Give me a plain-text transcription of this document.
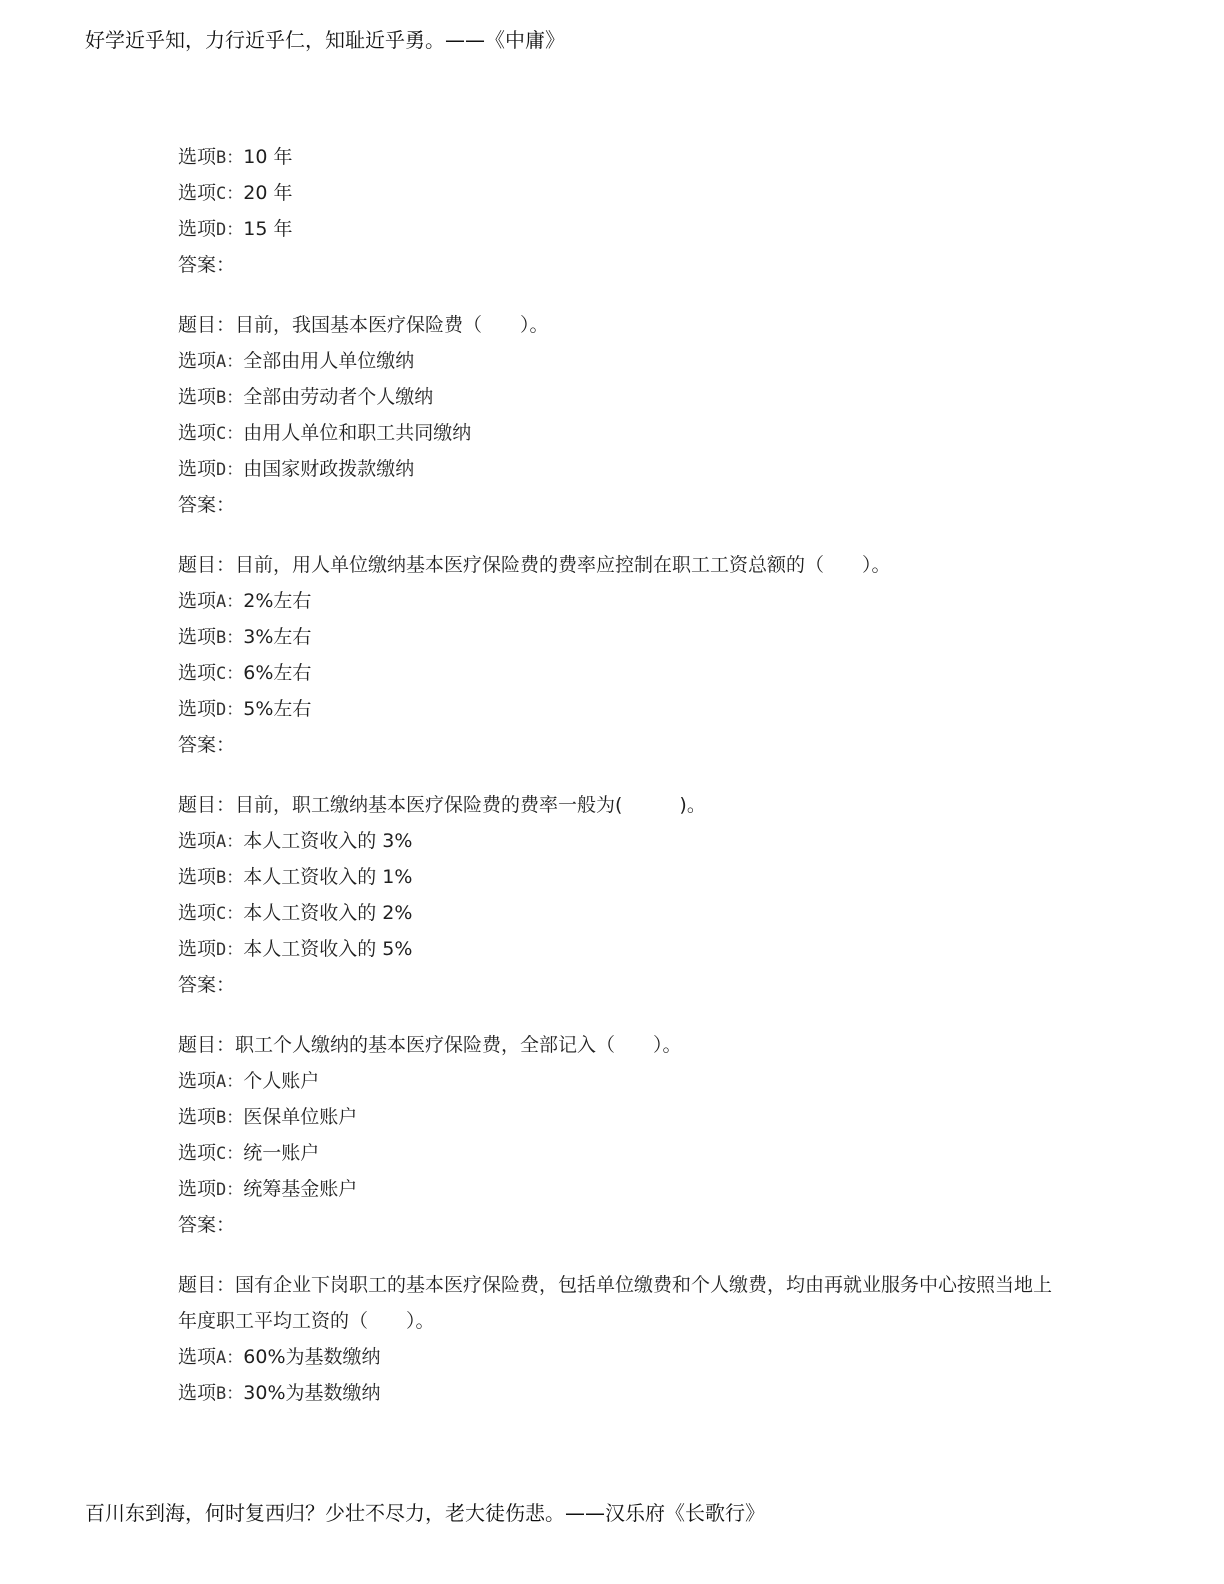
好学近乎知，力行近乎仁，知耻近乎勇。——《中庸》
选项B：10 年
选项C：20 年
选项D：15 年
答案：
题目：目前，我国基本医疗保险费（　　）。
选项A：全部由用人单位缴纳
选项B：全部由劳动者个人缴纳
选项C：由用人单位和职工共同缴纳
选项D：由国家财政拨款缴纳
答案：
题目：目前，用人单位缴纳基本医疗保险费的费率应控制在职工工资总额的（　　）。
选项A：2%左右
选项B：3%左右
选项C：6%左右
选项D：5%左右
答案：
题目：目前，职工缴纳基本医疗保险费的费率一般为(　　　)。
选项A：本人工资收入的 3%
选项B：本人工资收入的 1%
选项C：本人工资收入的 2%
选项D：本人工资收入的 5%
答案：
题目：职工个人缴纳的基本医疗保险费，全部记入（　　）。
选项A：个人账户
选项B：医保单位账户
选项C：统一账户
选项D：统筹基金账户
答案：
题目：国有企业下岗职工的基本医疗保险费，包括单位缴费和个人缴费，均由再就业服务中心按照当地上年度职工平均工资的（　　）。
选项A：60%为基数缴纳
选项B：30%为基数缴纳
百川东到海，何时复西归？少壮不尽力，老大徒伤悲。——汉乐府《长歌行》
